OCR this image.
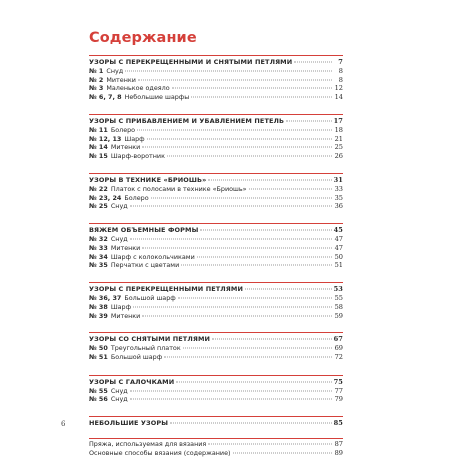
Содержание
УЗОРЫ С ПЕРЕКРЕЩЕННЫМИ И СНЯТЫМИ ПЕТЛЯМИ	7
№ 1 Снуд	8
№ 2 Митенки	8
№ 3 Маленькое одеяло	12
№ 6, 7, 8 Небольшие шарфы	14
УЗОРЫ С ПРИБАВЛЕНИЕМ И УБАВЛЕНИЕМ ПЕТЕЛЬ	17
№ 11 Болеро	18
№ 12, 13 Шарф	21
№ 14 Митенки	25
№ 15 Шарф-воротник	26
УЗОРЫ В ТЕХНИКЕ «БРИОШЬ»	31
№ 22 Платок с полосами в технике «Бриошь»	33
№ 23, 24 Болеро	35
№ 25 Снуд	36
ВЯЖЕМ ОБЪЕМНЫЕ ФОРМЫ	45
№ 32 Снуд	47
№ 33 Митенки	47
№ 34 Шарф с колокольчиками	50
№ 35 Перчатки с цветами	51
УЗОРЫ С ПЕРЕКРЕЩЕННЫМИ ПЕТЛЯМИ	53
№ 36, 37 Большой шарф	55
№ 38 Шарф	58
№ 39 Митенки	59
УЗОРЫ СО СНЯТЫМИ ПЕТЛЯМИ	67
№ 50 Треугольный платок	69
№ 51 Большой шарф	72
УЗОРЫ С ГАЛОЧКАМИ	75
№ 55 Снуд	77
№ 56 Снуд	79
НЕБОЛЬШИЕ УЗОРЫ	85
Пряжа, используемая для вязания	87
Основные способы вязания (содержание)	89
6
